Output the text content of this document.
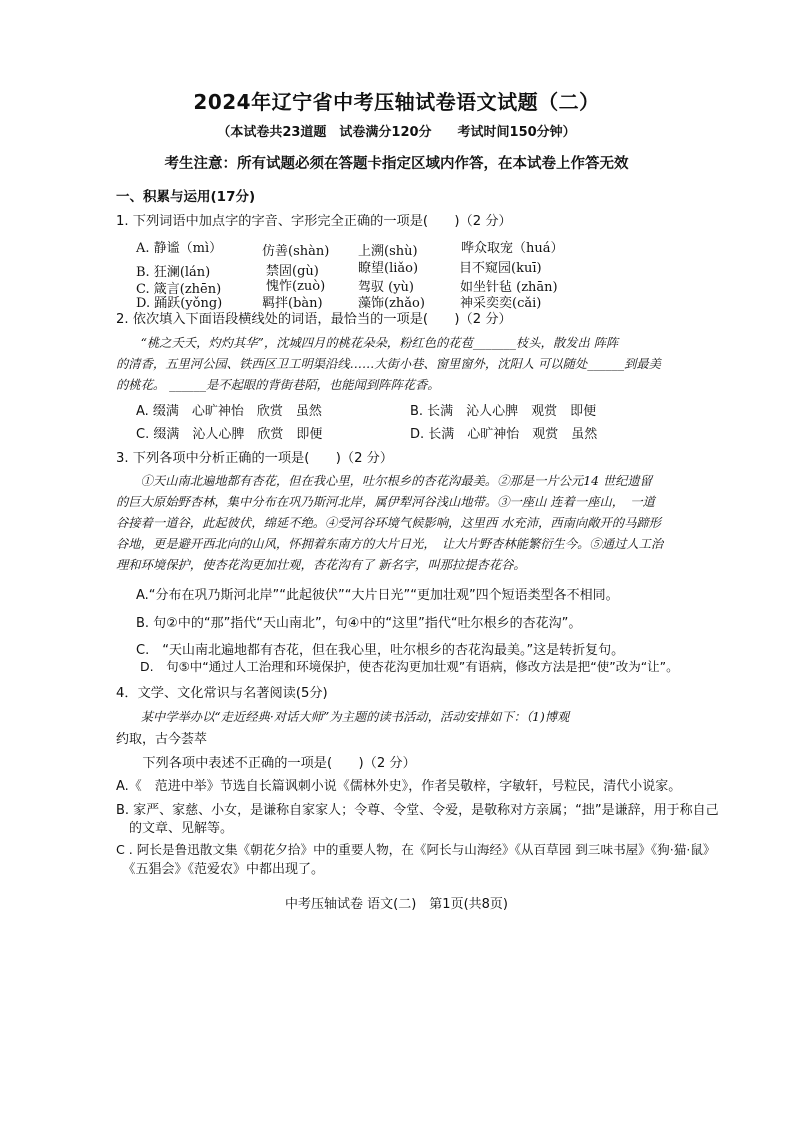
2024年辽宁省中考压轴试卷语文试题（二）
（本试卷共23道题　试卷满分120分　　考试时间150分钟）
考生注意：所有试题必须在答题卡指定区域内作答，在本试卷上作答无效
一、积累与运用(17分)
1. 下列词语中加点字的字音、字形完全正确的一项是(　　)（2 分）
A. 静谧（mì）	仿善(shàn) 上溯(shù)	哗众取宠（huá）
B. 狂澜(lán)	禁固(gù)	瞭望(liǎo)	目不窥园(kuī)
C. 箴言(zhēn)	愧怍(zuò)	驾驭 (yù)	如坐针毡 (zhān)
D. 踊跃(yǒng)	羁拌(bàn)	藻饰(zhǎo)	神采奕奕(cǎi)
2. 依次填入下面语段横线处的词语，最恰当的一项是(　　)（2 分）
　　“桃之夭夭，灼灼其华”，沈城四月的桃花朵朵，粉红色的花苞_______枝头，散发出 阵阵
的清香，五里河公园、铁西区卫工明渠沿线……大街小巷、窗里窗外，沈阳人 可以随处______到最美
的桃花。 ______是不起眼的背街巷陌，也能闻到阵阵花香。
A. 缀满　心旷神怡　欣赏　虽然	B. 长满　沁人心脾　观赏　即便
C. 缀满　沁人心脾　欣赏　即便	D. 长满　心旷神怡　观赏　虽然
3. 下列各项中分析正确的一项是(　　)（2 分）
　　①天山南北遍地都有杏花，但在我心里，吐尔根乡的杏花沟最美。②那是一片公元14 世纪遗留
的巨大原始野杏林，集中分布在巩乃斯河北岸，属伊犁河谷浅山地带。③一座山 连着一座山，　一道
谷接着一道谷，此起彼伏，绵延不绝。④受河谷环境气候影响，这里西 水充沛，西南向敞开的马蹄形
谷地，更是避开西北向的山风，怀拥着东南方的大片日光，　让大片野杏林能繁衍生今。⑤通过人工治
理和环境保护，使杏花沟更加壮观，杏花沟有了 新名字，叫那拉提杏花谷。
A.“分布在巩乃斯河北岸”“此起彼伏”“大片日光”“更加壮观”四个短语类型各不相同。
B. 句②中的“那”指代“天山南北”，句④中的“这里”指代“吐尔根乡的杏花沟”。
C.　“天山南北遍地都有杏花，但在我心里，吐尔根乡的杏花沟最美。”这是转折复句。
D.　句⑤中“通过人工治理和环境保护，使杏花沟更加壮观”有语病，修改方法是把“使”改为“让”。
4．文学、文化常识与名著阅读(5分)
　　某中学举办以“走近经典·对话大师”为主题的读书活动，活动安排如下：（1)博观
约取，古今荟萃
　　下列各项中表述不正确的一项是(　　)（2 分）
A.《　范进中举》节选自长篇讽刺小说《儒林外史》，作者吴敬梓，字敏轩，号粒民，清代小说家。
B. 家严、家慈、小女，是谦称自家家人；令尊、令堂、令爱，是敬称对方亲属；“拙”是谦辞，用于称自己
　的文章、见解等。
C . 阿长是鲁迅散文集《朝花夕拾》中的重要人物，在《阿长与山海经》《从百草园 到三味书屋》《狗·猫·鼠》
　《五猖会》《范爱农》中都出现了。
中考压轴试卷 语文(二)　第1页(共8页)
